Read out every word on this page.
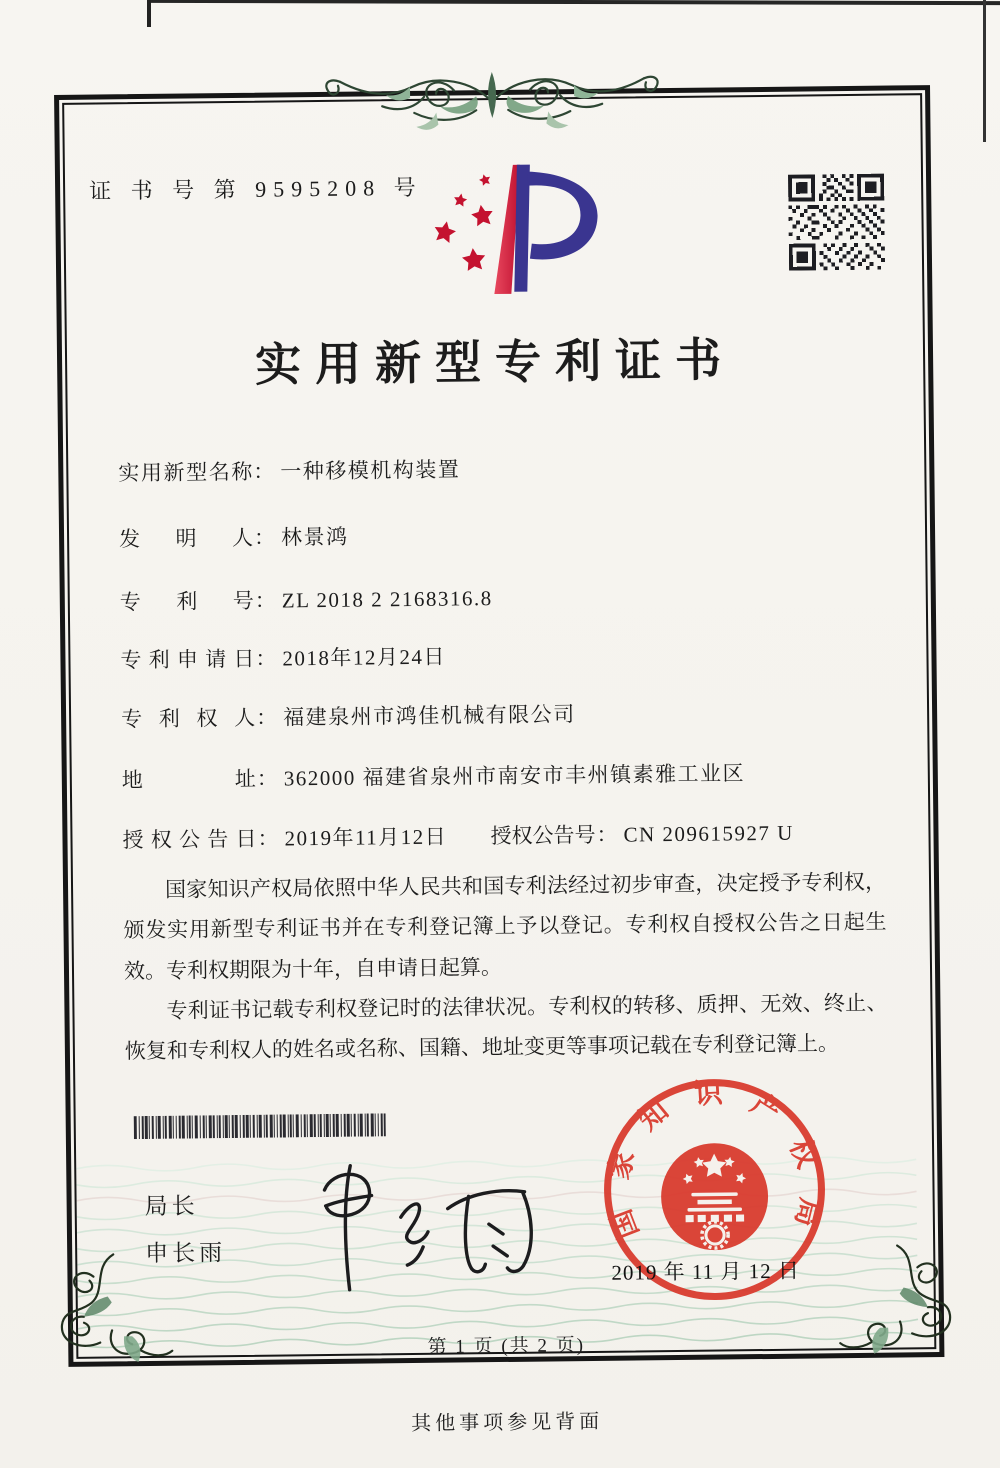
证 书 号 第 9595208 号
实用新型专利证书
实用新型名称 ： 一种移模机构装置
发明人 ： 林景鸿
专利号 ： ZL 2018 2 2168316.8
专利申请日 ： 2018年12月24日
专利权人 ： 福建泉州市鸿佳机械有限公司
地址 ： 362000 福建省泉州市南安市丰州镇素雅工业区
授权公告日 ： 2019年11月12日 授权公告号 ： CN 209615927 U

国家知识产权局依照中华人民共和国专利法经过初步审查，决定授予专利权，颁发实用新型专利证书并在专利登记簿上予以登记。专利权自授权公告之日起生效。专利权期限为十年，自申请日起算。

专利证书记载专利权登记时的法律状况。专利权的转移、质押、无效、终止、恢复和专利权人的姓名或名称、国籍、地址变更等事项记载在专利登记簿上。

局长
申长雨
国家知识产权局
2019 年 11 月 12 日
第 1 页 (共 2 页)
其他事项参见背面
